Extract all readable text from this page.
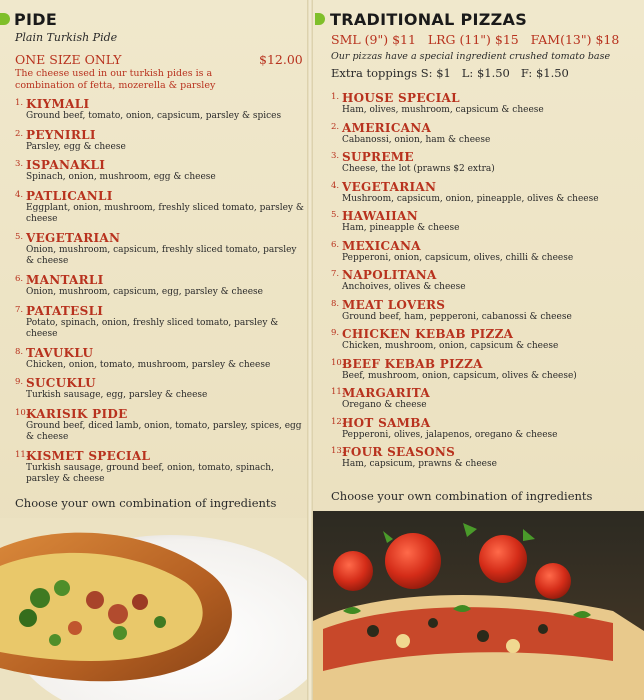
PIDE
Plain Turkish Pide
ONE SIZE ONLY	$12.00
The cheese used in our turkish pides is a combination of fetta, mozerella & parsley
1. KIYMALI
Ground beef, tomato, onion, capsicum, parsley & spices
2. PEYNIRLI
Parsley, egg & cheese
3. ISPANAKLI
Spinach, onion, mushroom, egg & cheese
4. PATLICANLI
Eggplant, onion, mushroom, freshly sliced tomato, parsley & cheese
5. VEGETARIAN
Onion, mushroom, capsicum, freshly sliced tomato, parsley & cheese
6. MANTARLI
Onion, mushroom, capsicum, egg, parsley & cheese
7. PATATESLI
Potato, spinach, onion, freshly sliced tomato, parsley & cheese
8. TAVUKLU
Chicken, onion, tomato, mushroom, parsley & cheese
9. SUCUKLU
Turkish sausage, egg, parsley & cheese
10.
KARISIK PIDE
Ground beef, diced lamb, onion, tomato, parsley, spices, egg & cheese
11.
KISMET SPECIAL
Turkish sausage, ground beef, onion, tomato, spinach, parsley & cheese
Choose your own combination of ingredients
TRADITIONAL PIZZAS
SML (9") $11   LRG (11") $15   FAM(13") $18
Our pizzas have a special ingredient crushed tomato base
Extra toppings S: $1   L: $1.50   F: $1.50
1. HOUSE SPECIAL
Ham, olives, mushroom, capsicum & cheese
2. AMERICANA
Cabanossi, onion, ham & cheese
3. SUPREME
Cheese, the lot (prawns $2 extra)
4. VEGETARIAN
Mushroom, capsicum, onion, pineapple, olives & cheese
5. HAWAIIAN
Ham, pineapple & cheese
6. MEXICANA
Pepperoni, onion, capsicum, olives, chilli & cheese
7. NAPOLITANA
Anchoives, olives & cheese
8. MEAT LOVERS
Ground beef, ham, pepperoni, cabanossi & cheese
9. CHICKEN KEBAB PIZZA
Chicken, mushroom, onion, capsicum & cheese
10.
BEEF KEBAB PIZZA
Beef, mushroom, onion, capsicum, olives & cheese)
11.
MARGARITA
Oregano & cheese
12.
HOT SAMBA
Pepperoni, olives, jalapenos, oregano & cheese
13.
FOUR SEASONS
Ham, capsicum, prawns & cheese
Choose your own combination of ingredients
